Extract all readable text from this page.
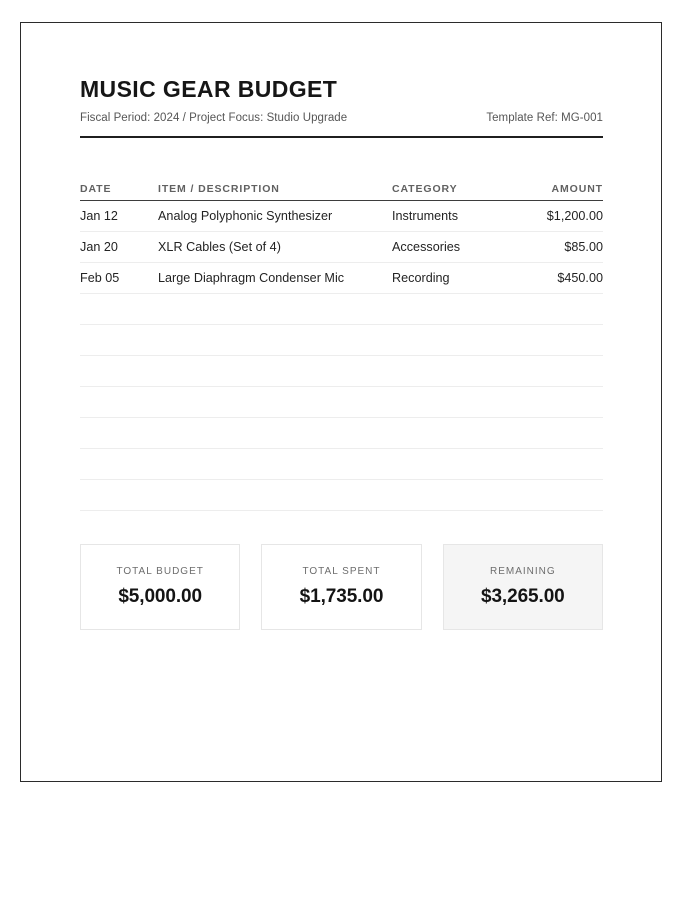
MUSIC GEAR BUDGET
Fiscal Period: 2024 / Project Focus: Studio Upgrade	Template Ref: MG-001
DATE	ITEM / DESCRIPTION	CATEGORY	AMOUNT
Jan 12	Analog Polyphonic Synthesizer	Instruments	$1,200.00
Jan 20	XLR Cables (Set of 4)	Accessories	$85.00
Feb 05	Large Diaphragm Condenser Mic	Recording	$450.00
TOTAL BUDGET
$5,000.00
TOTAL SPENT
$1,735.00
REMAINING
$3,265.00
